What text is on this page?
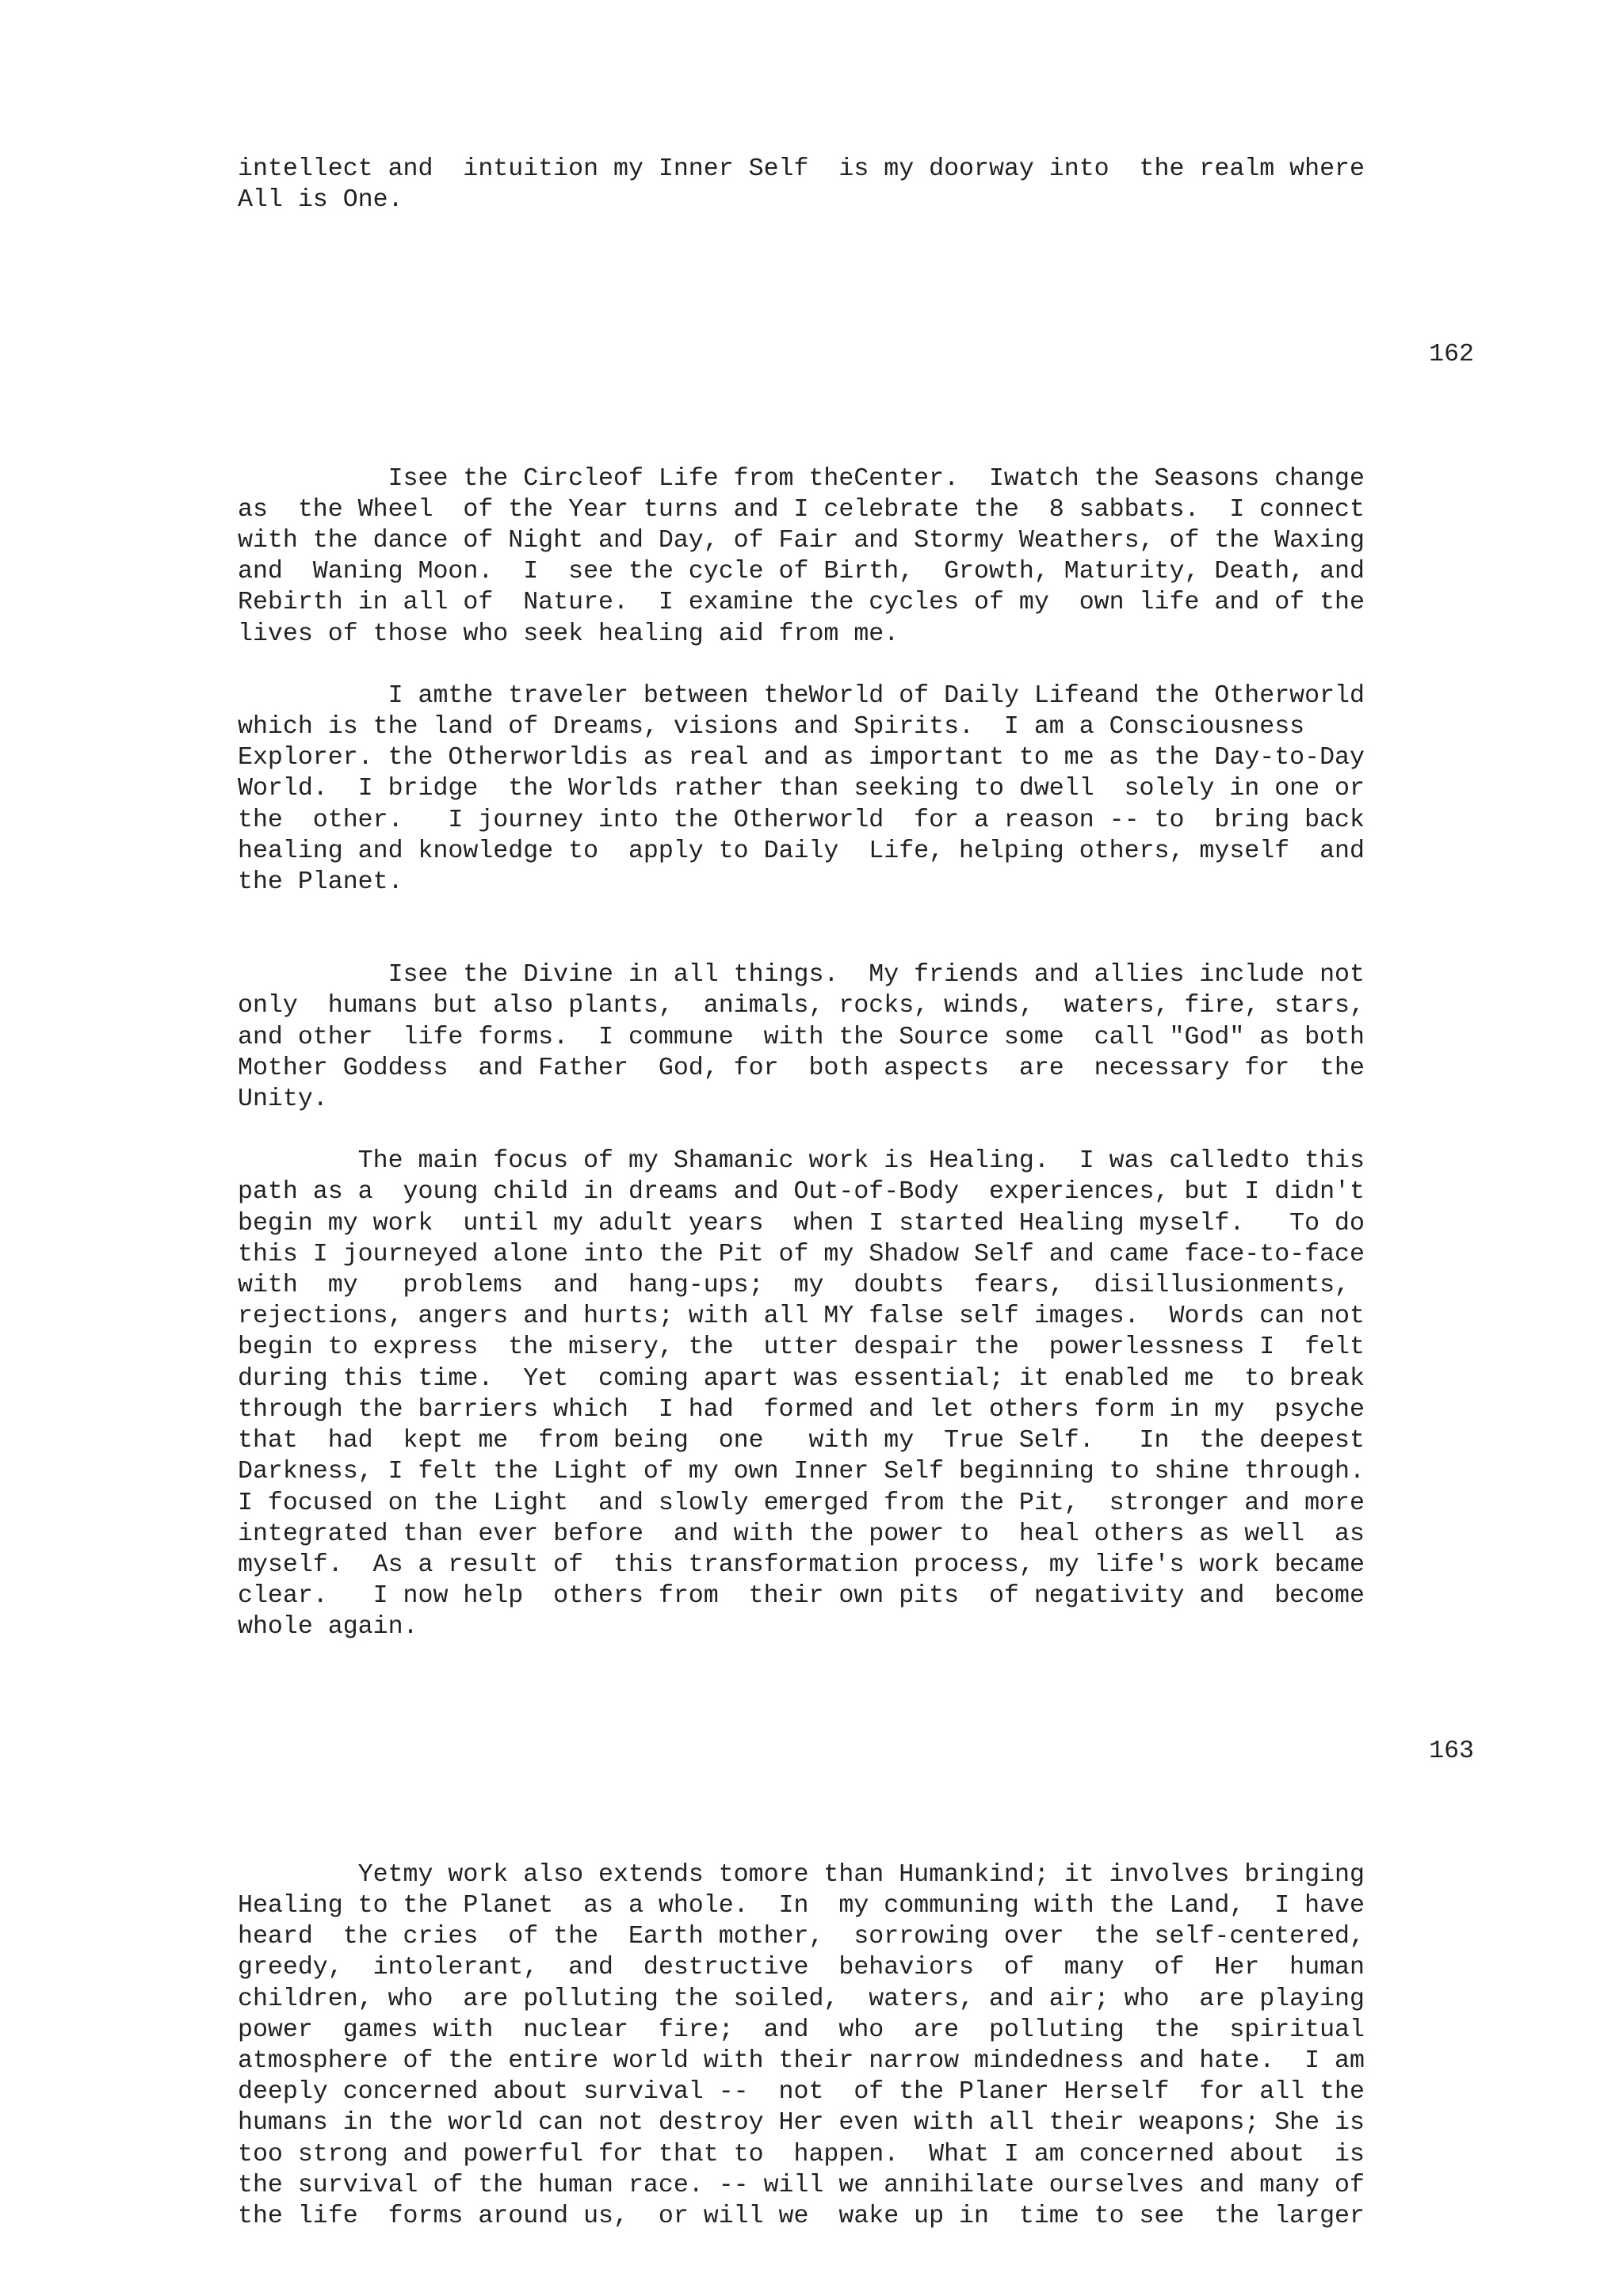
intellect and  intuition my Inner Self  is my doorway into  the realm where
All is One.
162
Isee the Circleof Life from theCenter.  Iwatch the Seasons change
as  the Wheel  of the Year turns and I celebrate the  8 sabbats.  I connect
with the dance of Night and Day, of Fair and Stormy Weathers, of the Waxing
and  Waning Moon.  I  see the cycle of Birth,  Growth, Maturity, Death, and
Rebirth in all of  Nature.  I examine the cycles of my  own life and of the
lives of those who seek healing aid from me.
I amthe traveler between theWorld of Daily Lifeand the Otherworld
which is the land of Dreams, visions and Spirits.  I am a Consciousness
Explorer. the Otherworldis as real and as important to me as the Day-to-Day
World.  I bridge  the Worlds rather than seeking to dwell  solely in one or
the  other.   I journey into the Otherworld  for a reason -- to  bring back
healing and knowledge to  apply to Daily  Life, helping others, myself  and
the Planet.
Isee the Divine in all things.  My friends and allies include not
only  humans but also plants,  animals, rocks, winds,  waters, fire, stars,
and other  life forms.  I commune  with the Source some  call "God" as both
Mother Goddess  and Father  God, for  both aspects  are  necessary for  the
Unity.
The main focus of my Shamanic work is Healing.  I was calledto this
path as a  young child in dreams and Out-of-Body  experiences, but I didn't
begin my work  until my adult years  when I started Healing myself.   To do
this I journeyed alone into the Pit of my Shadow Self and came face-to-face
with  my   problems  and  hang-ups;  my  doubts  fears,  disillusionments,
rejections, angers and hurts; with all MY false self images.  Words can not
begin to express  the misery, the  utter despair the  powerlessness I  felt
during this time.  Yet  coming apart was essential; it enabled me  to break
through the barriers which  I had  formed and let others form in my  psyche
that  had  kept me  from being  one   with my  True Self.   In  the deepest
Darkness, I felt the Light of my own Inner Self beginning to shine through.
I focused on the Light  and slowly emerged from the Pit,  stronger and more
integrated than ever before  and with the power to  heal others as well  as
myself.  As a result of  this transformation process, my life's work became
clear.   I now help  others from  their own pits  of negativity and  become
whole again.
163
Yetmy work also extends tomore than Humankind; it involves bringing
Healing to the Planet  as a whole.  In  my communing with the Land,  I have
heard  the cries  of the  Earth mother,  sorrowing over  the self-centered,
greedy,  intolerant,  and  destructive  behaviors  of  many  of  Her  human
children, who  are polluting the soiled,  waters, and air; who  are playing
power  games with  nuclear  fire;  and  who  are  polluting  the  spiritual
atmosphere of the entire world with their narrow mindedness and hate.  I am
deeply concerned about survival --  not  of the Planer Herself  for all the
humans in the world can not destroy Her even with all their weapons; She is
too strong and powerful for that to  happen.  What I am concerned about  is
the survival of the human race. -- will we annihilate ourselves and many of
the life  forms around us,  or will we  wake up in  time to see  the larger
